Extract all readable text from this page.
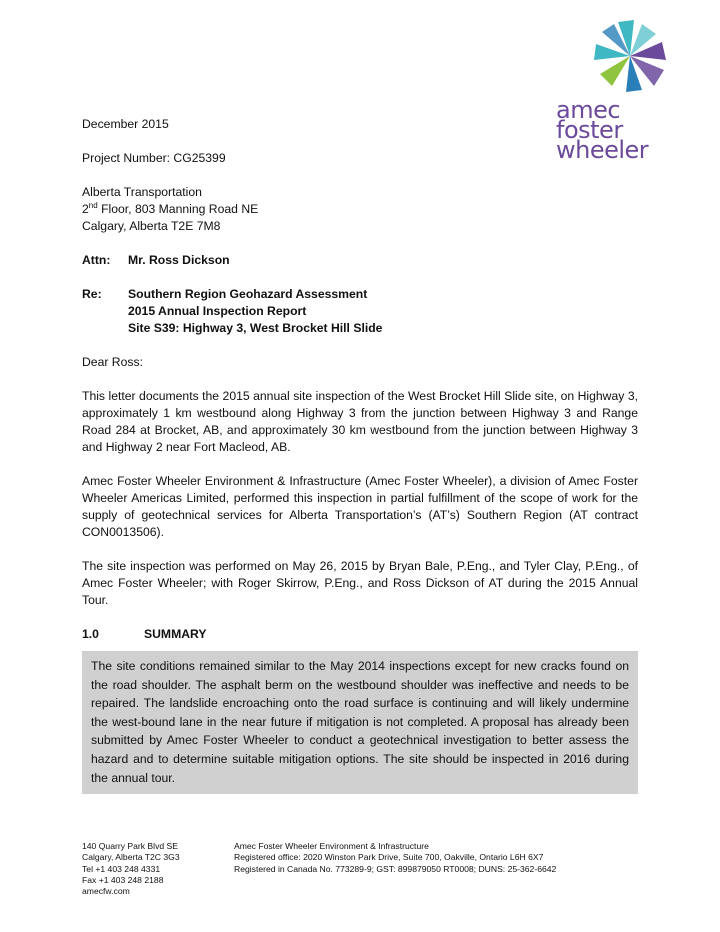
amec
foster
wheeler

December 2015

Project Number: CG25399

Alberta Transportation

2nd Floor, 803 Manning Road NE

Calgary, Alberta T2E 7M8

Attn:	Mr. Ross Dickson
Re:	Southern Region Geohazard Assessment
2015 Annual Inspection Report
Site S39: Highway 3, West Brocket Hill Slide

Dear Ross:

This letter documents the 2015 annual site inspection of the West Brocket Hill Slide site, on Highway 3, approximately 1 km westbound along Highway 3 from the junction between Highway 3 and Range Road 284 at Brocket, AB, and approximately 30 km westbound from the junction between Highway 3 and Highway 2 near Fort Macleod, AB.

Amec Foster Wheeler Environment & Infrastructure (Amec Foster Wheeler), a division of Amec Foster Wheeler Americas Limited, performed this inspection in partial fulfillment of the scope of work for the supply of geotechnical services for Alberta Transportation’s (AT’s) Southern Region (AT contract CON0013506).

The site inspection was performed on May 26, 2015 by Bryan Bale, P.Eng., and Tyler Clay, P.Eng., of Amec Foster Wheeler; with Roger Skirrow, P.Eng., and Ross Dickson of AT during the 2015 Annual Tour.

1.0	SUMMARY
The site conditions remained similar to the May 2014 inspections except for new cracks found on the road shoulder. The asphalt berm on the westbound shoulder was ineffective and needs to be repaired. The landslide encroaching onto the road surface is continuing and will likely undermine the west-bound lane in the near future if mitigation is not completed. A proposal has already been submitted by Amec Foster Wheeler to conduct a geotechnical investigation to better assess the hazard and to determine suitable mitigation options. The site should be inspected in 2016 during the annual tour.
140 Quarry Park Blvd SE
Calgary, Alberta T2C 3G3
Tel +1 403 248 4331
Fax +1 403 248 2188
amecfw.com
Amec Foster Wheeler Environment & Infrastructure
Registered office: 2020 Winston Park Drive, Suite 700, Oakville, Ontario L6H 6X7
Registered in Canada No. 773289-9; GST: 899879050 RT0008; DUNS: 25-362-6642
